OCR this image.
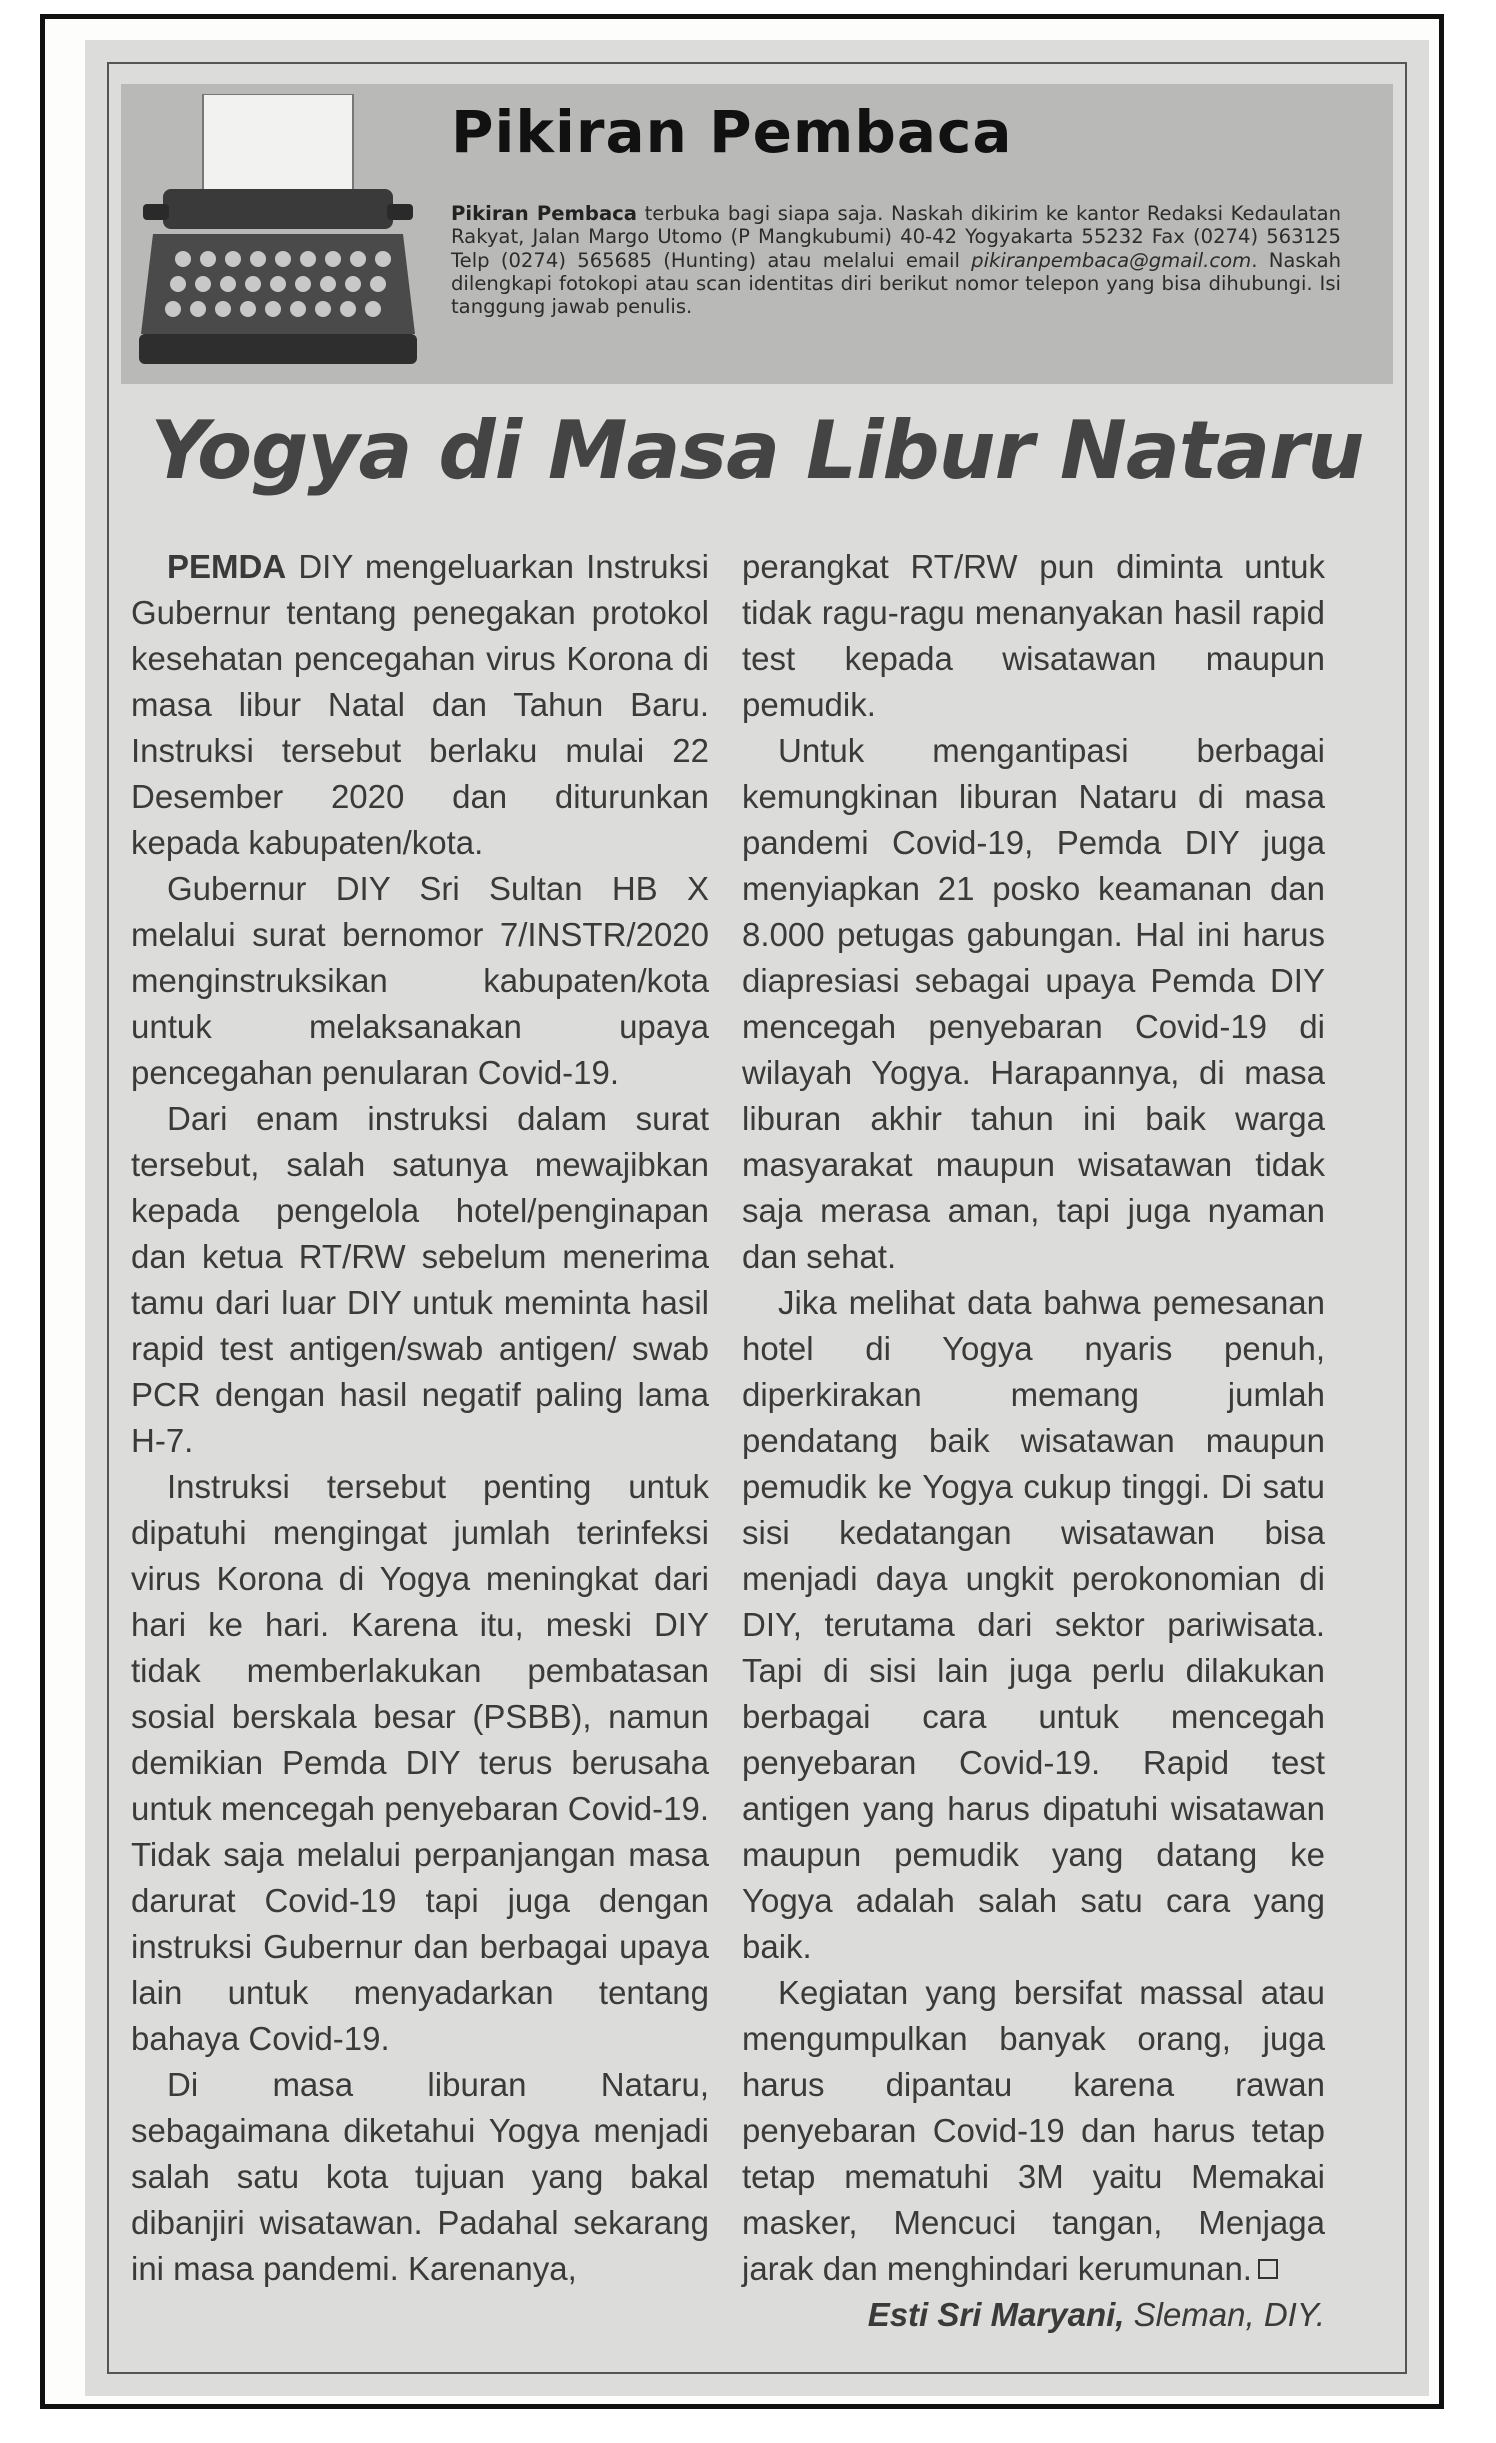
Pikiran Pembaca
Pikiran Pembaca terbuka bagi siapa saja. Naskah dikirim ke kantor Redaksi Kedaulatan Rakyat, Jalan Margo Utomo (P Mangkubumi) 40-42 Yogyakarta 55232 Fax (0274) 563125 Telp (0274) 565685 (Hunting) atau melalui email pikiranpembaca@gmail.com. Naskah dilengkapi fotokopi atau scan identitas diri berikut nomor telepon yang bisa dihubungi. Isi tanggung jawab penulis.
Yogya di Masa Libur Nataru

PEMDA DIY mengeluarkan Instruksi Gubernur tentang penegakan protokol kesehatan pencegahan virus Korona di masa libur Natal dan Tahun Baru. Instruksi tersebut berlaku mulai 22 Desember 2020 dan diturunkan kepada kabupaten/kota.

Gubernur DIY Sri Sultan HB X melalui surat bernomor 7/INSTR/2020 menginstruksikan kabupaten/kota untuk melaksanakan upaya pencegahan penularan Covid-19.

Dari enam instruksi dalam surat tersebut, salah satunya mewajibkan kepada pengelola hotel/penginapan dan ketua RT/RW sebelum menerima tamu dari luar DIY untuk meminta hasil rapid test antigen/swab antigen/ swab PCR dengan hasil negatif paling lama H-7.

Instruksi tersebut penting untuk dipatuhi mengingat jumlah terinfeksi virus Korona di Yogya meningkat dari hari ke hari. Karena itu, meski DIY tidak memberlakukan pembatasan sosial berskala besar (PSBB), namun demikian Pemda DIY terus berusaha untuk mencegah penyebaran Covid-19. Tidak saja melalui perpanjangan masa darurat Covid-19 tapi juga dengan instruksi Gubernur dan berbagai upaya lain untuk menyadarkan tentang bahaya Covid-19.

Di masa liburan Nataru, sebagaimana diketahui Yogya menjadi salah satu kota tujuan yang bakal dibanjiri wisatawan. Padahal sekarang ini masa pandemi. Karenanya,

perangkat RT/RW pun diminta untuk tidak ragu-ragu menanyakan hasil rapid test kepada wisatawan maupun pemudik.

Untuk mengantipasi berbagai kemungkinan liburan Nataru di masa pandemi Covid-19, Pemda DIY juga menyiapkan 21 posko keamanan dan 8.000 petugas gabungan. Hal ini harus diapresiasi sebagai upaya Pemda DIY mencegah penyebaran Covid-19 di wilayah Yogya. Harapannya, di masa liburan akhir tahun ini baik warga masyarakat maupun wisatawan tidak saja merasa aman, tapi juga nyaman dan sehat.

Jika melihat data bahwa pemesanan hotel di Yogya nyaris penuh, diperkirakan memang jumlah pendatang baik wisatawan maupun pemudik ke Yogya cukup tinggi. Di satu sisi kedatangan wisatawan bisa menjadi daya ungkit perokonomian di DIY, terutama dari sektor pariwisata. Tapi di sisi lain juga perlu dilakukan berbagai cara untuk mencegah penyebaran Covid-19. Rapid test antigen yang harus dipatuhi wisatawan maupun pemudik yang datang ke Yogya adalah salah satu cara yang baik.

Kegiatan yang bersifat massal atau mengumpulkan banyak orang, juga harus dipantau karena rawan penyebaran Covid-19 dan harus tetap tetap mematuhi 3M yaitu Memakai masker, Mencuci tangan, Menjaga jarak dan menghindari kerumunan.

Esti Sri Maryani, Sleman, DIY.
